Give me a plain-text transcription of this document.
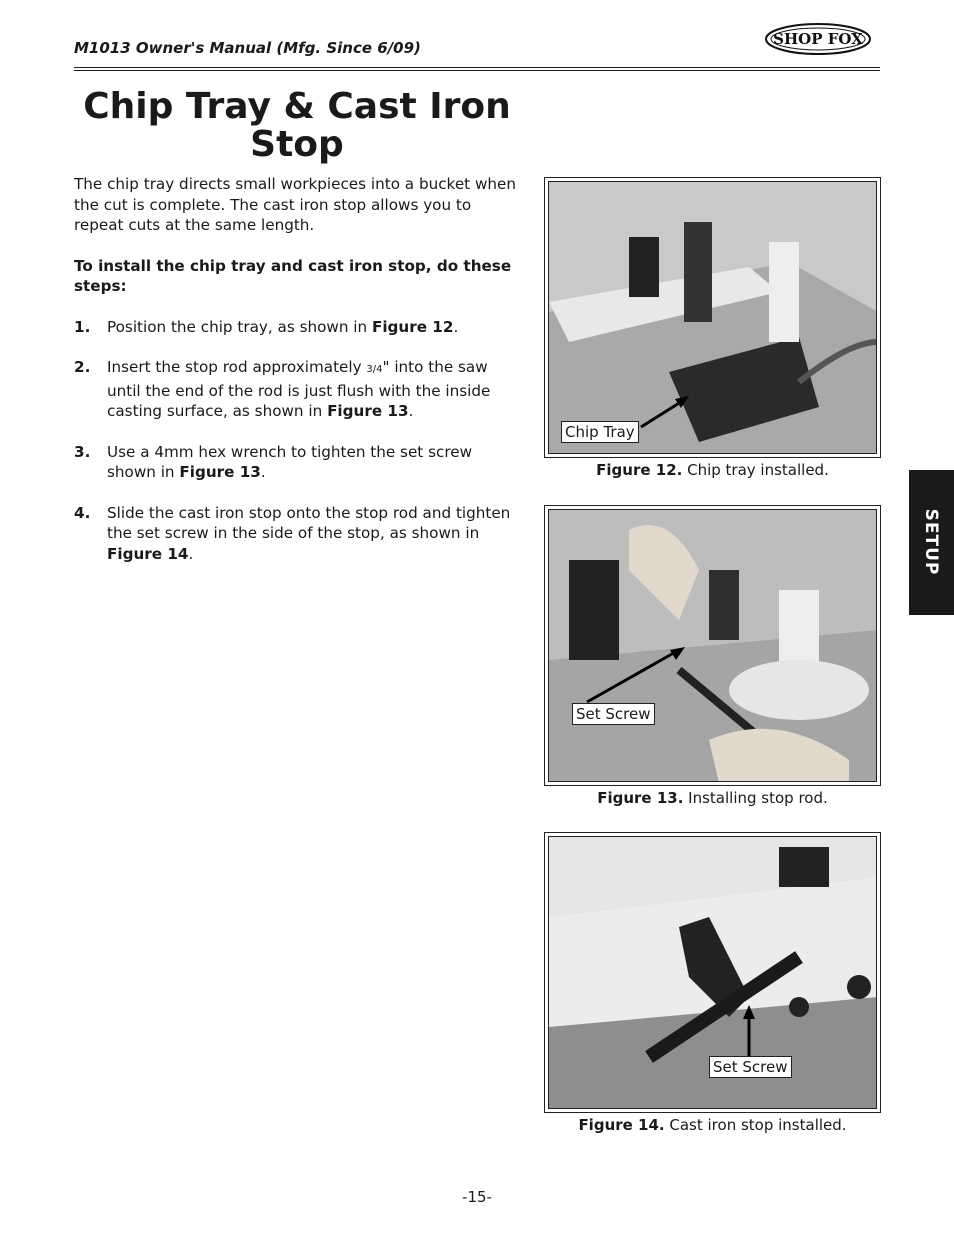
M1013 Owner's Manual (Mfg. Since 6/09)	SHOP FOX
Chip Tray & Cast Iron
Stop

The chip tray directs small workpieces into a bucket when the cut is complete. The cast iron stop allows you to repeat cuts at the same length.

To install the chip tray and cast iron stop, do these steps:

1.	Position the chip tray, as shown in Figure 12.
2.	Insert the stop rod approximately 3/4" into the saw until the end of the rod is just flush with the inside casting surface, as shown in Figure 13.
3.	Use a 4mm hex wrench to tighten the set screw shown in Figure 13.
4.	Slide the cast iron stop onto the stop rod and tighten the set screw in the side of the stop, as shown in Figure 14.
Chip Tray
Figure 12. Chip tray installed.
Set Screw
Figure 13. Installing stop rod.
Set Screw
Figure 14. Cast iron stop installed.
SETUP
-15-
